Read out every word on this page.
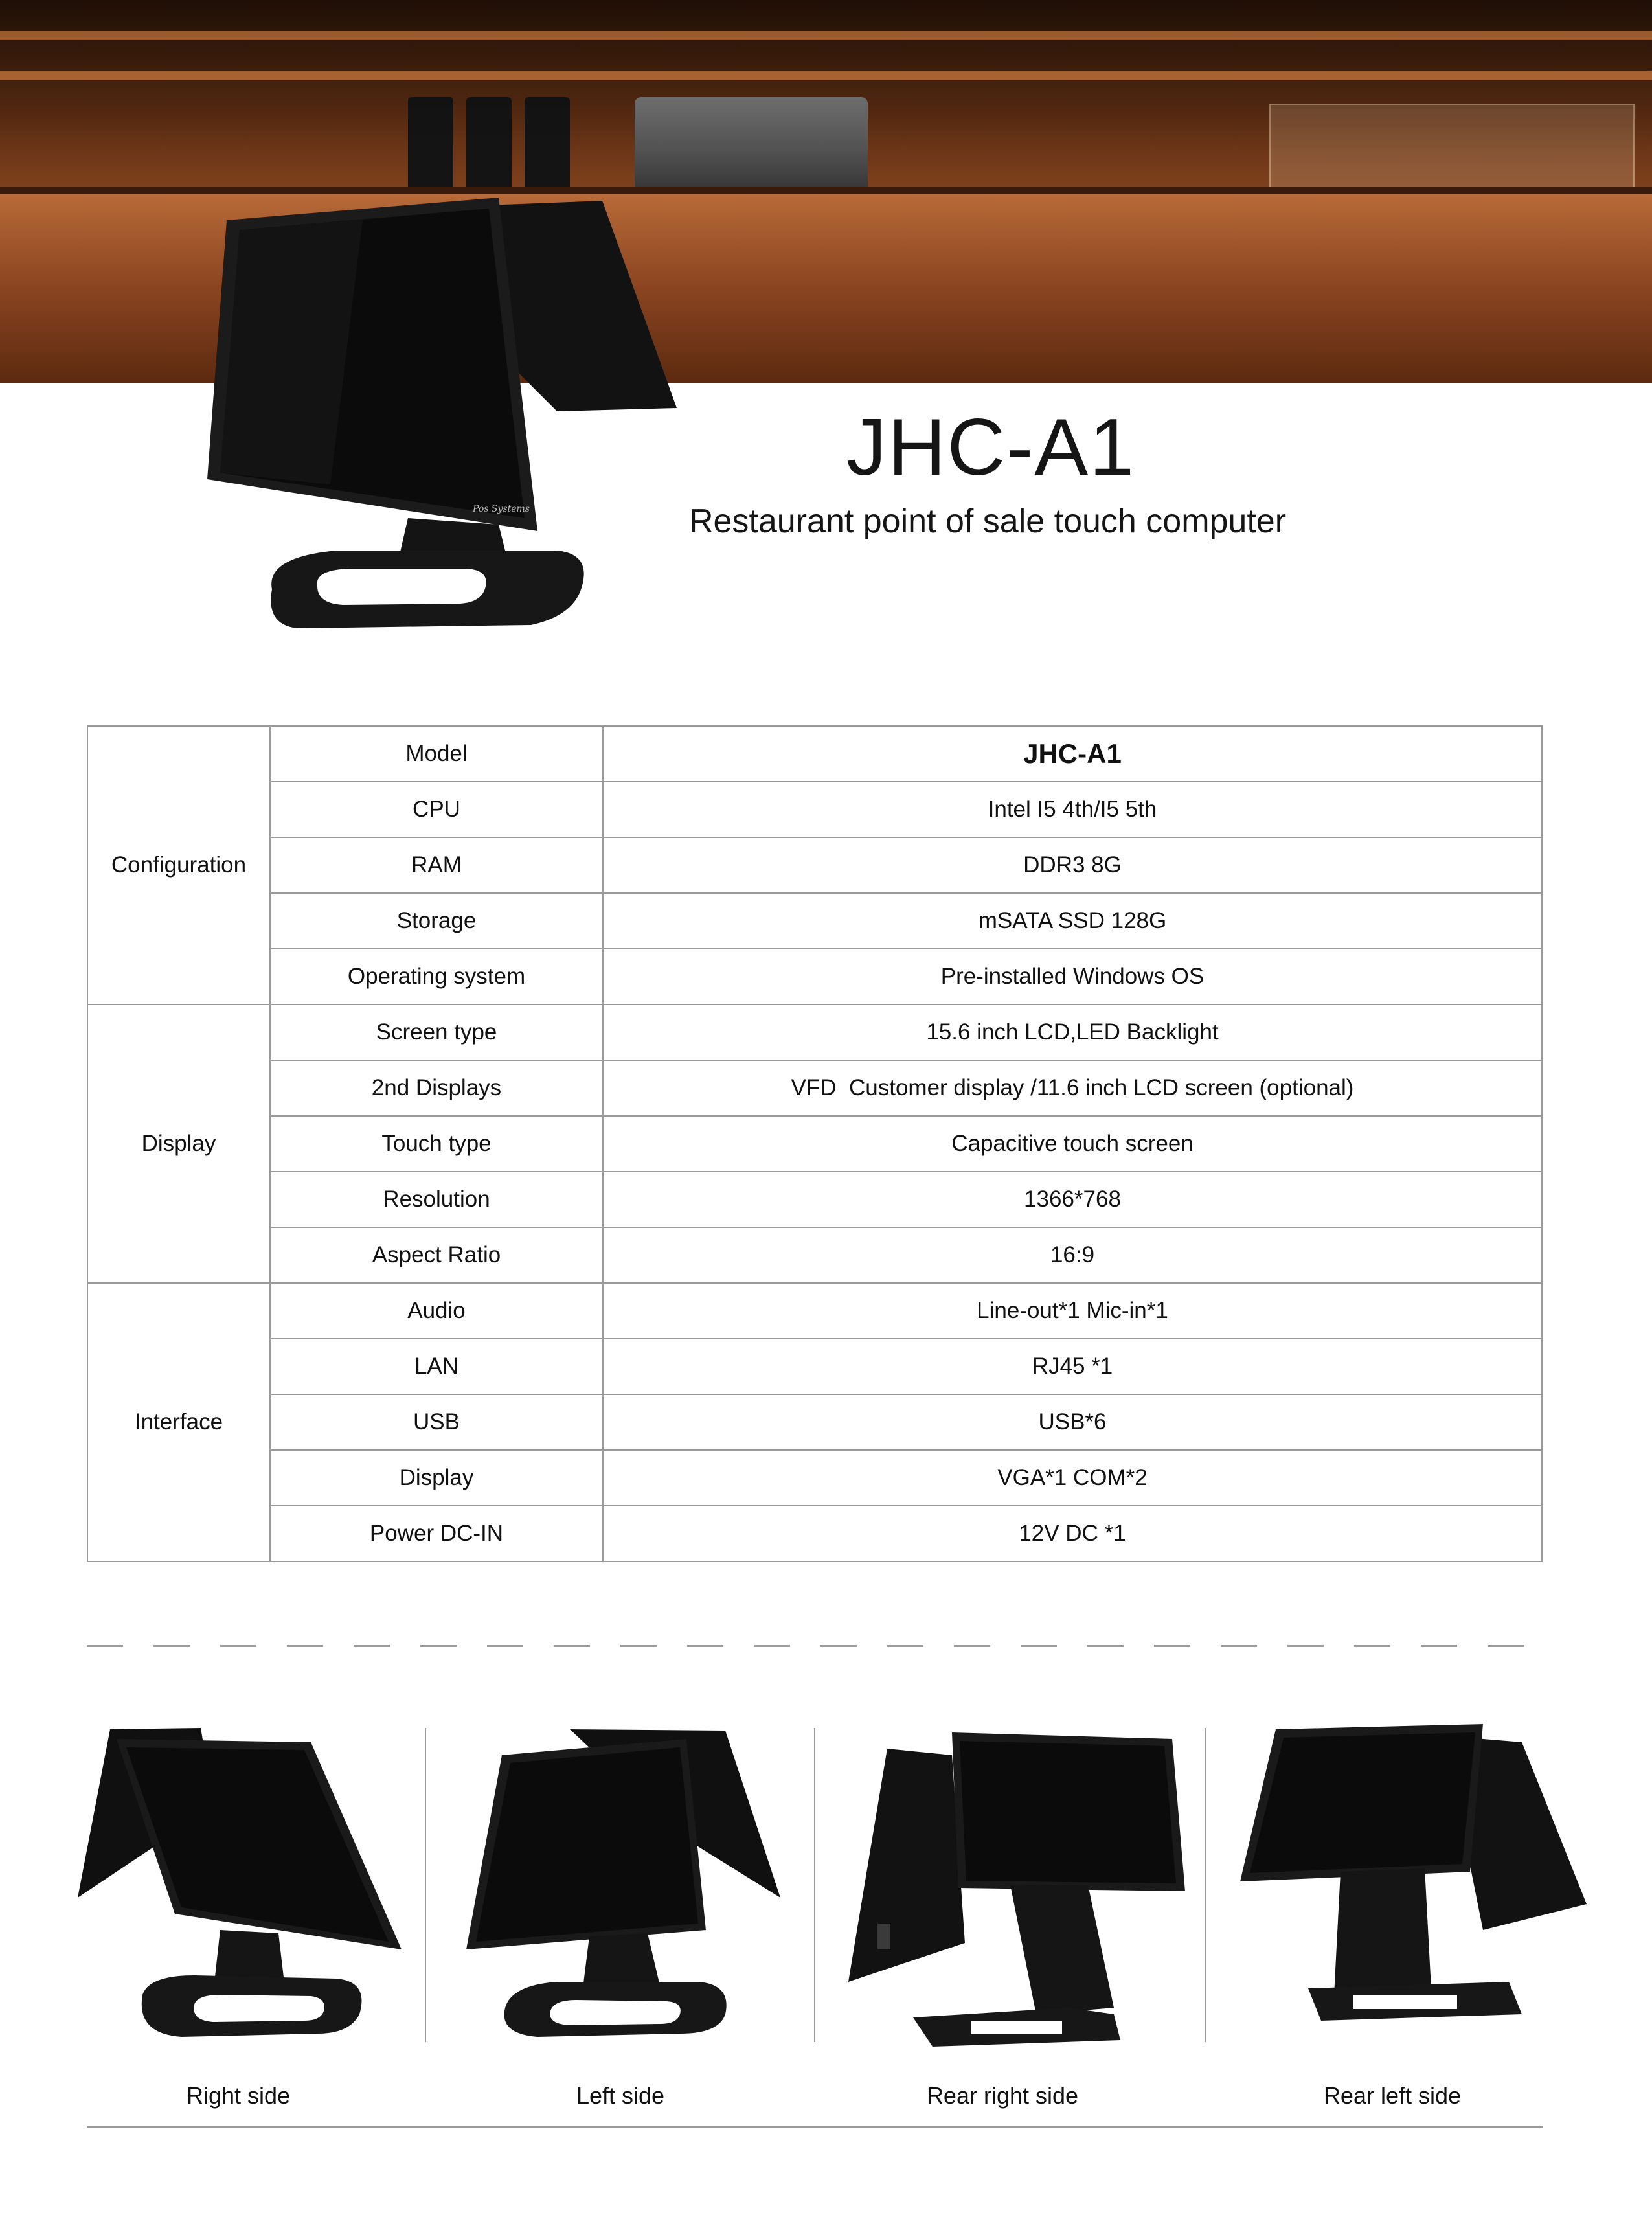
Pos Systems
JHC-A1
Restaurant point of sale touch computer
Configuration	Model	JHC-A1
	CPU	Intel I5 4th/I5 5th
	RAM	DDR3 8G
	Storage	mSATA SSD 128G
	Operating system	Pre-installed Windows OS
Display	Screen type	15.6 inch LCD,LED Backlight
	2nd Displays	VFD  Customer display /11.6 inch LCD screen (optional)
	Touch type	Capacitive touch screen
	Resolution	1366*768
	Aspect Ratio	16:9
Interface	Audio	Line-out*1 Mic-in*1
	LAN	RJ45 *1
	USB	USB*6
	Display	VGA*1 COM*2
	Power DC-IN	12V DC *1
Right side	Left side	Rear right side	Rear left side
